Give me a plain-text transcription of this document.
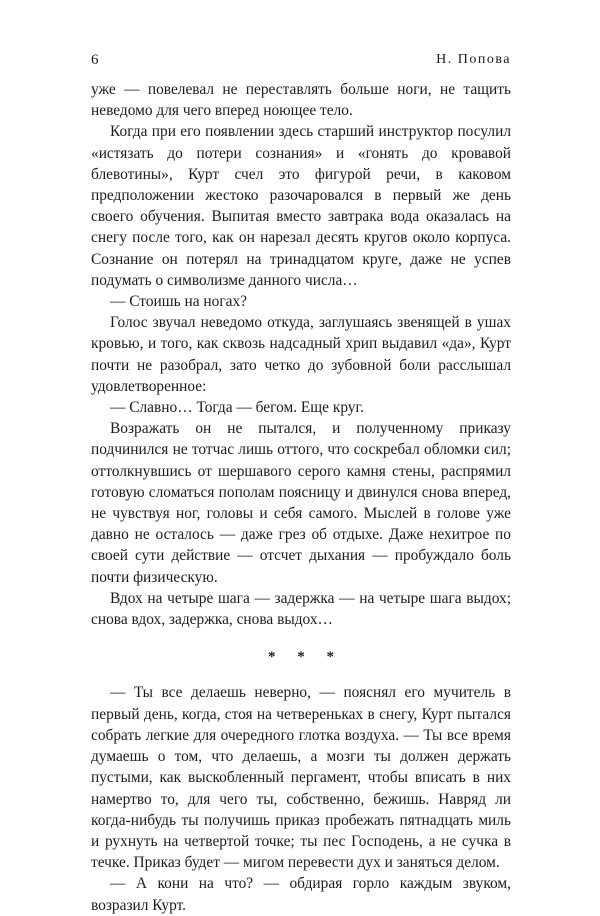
6	Н. Попова

уже — повелевал не переставлять больше ноги, не тащить неведомо для чего вперед ноющее тело.

Когда при его появлении здесь старший инструктор посулил «истязать до потери сознания» и «гонять до кровавой блевотины», Курт счел это фигурой речи, в каковом предположении жестоко разочаровался в первый же день своего обучения. Выпитая вместо завтрака вода оказалась на снегу после того, как он нарезал десять кругов около корпуса. Сознание он потерял на тринадцатом круге, даже не успев подумать о символизме данного числа…

— Стоишь на ногах?

Голос звучал неведомо откуда, заглушаясь звенящей в ушах кровью, и того, как сквозь надсадный хрип выдавил «да», Курт почти не разобрал, зато четко до зубовной боли расслышал удовлетворенное:

— Славно… Тогда — бегом. Еще круг.

Возражать он не пытался, и полученному приказу подчинился не тотчас лишь оттого, что соскребал обломки сил; оттолкнувшись от шершавого серого камня стены, распрямил готовую сломаться пополам поясницу и двинулся снова вперед, не чувствуя ног, головы и себя самого. Мыслей в голове уже давно не осталось — даже грез об отдыхе. Даже нехитрое по своей сути действие — отсчет дыхания — пробуждало боль почти физическую.

Вдох на четыре шага — задержка — на четыре шага выдох; снова вдох, задержка, снова выдох…

* * *

— Ты все делаешь неверно, — пояснял его мучитель в первый день, когда, стоя на четвереньках в снегу, Курт пытался собрать легкие для очередного глотка воздуха. — Ты все время думаешь о том, что делаешь, а мозги ты должен держать пустыми, как выскобленный пергамент, чтобы вписать в них намертво то, для чего ты, собственно, бежишь. Навряд ли когда-нибудь ты получишь приказ пробежать пятнадцать миль и рухнуть на четвертой точке; ты пес Господень, а не сучка в течке. Приказ будет — мигом перевести дух и заняться делом.

— А кони на что? — обдирая горло каждым звуком, возразил Курт.
